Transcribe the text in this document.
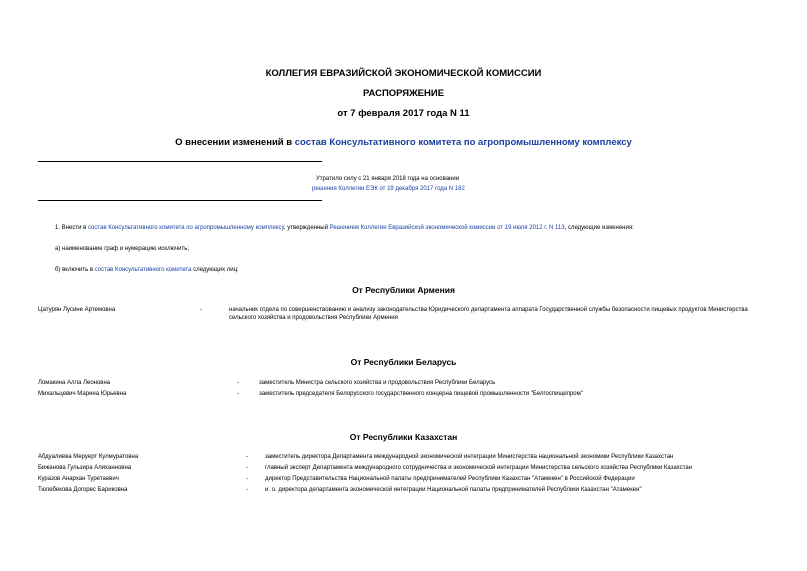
КОЛЛЕГИЯ ЕВРАЗИЙСКОЙ ЭКОНОМИЧЕСКОЙ КОМИССИИ
РАСПОРЯЖЕНИЕ
от 7 февраля 2017 года N 11
О внесении изменений в состав Консультативного комитета по агропромышленному комплексу
Утратило силу с 21 января 2018 года на основании
решения Коллегии ЕЭК от 19 декабря 2017 года N 182
1. Внести в состав Консультативного комитета по агропромышленному комплексу, утвержденный Решением Коллегии Евразийской экономической комиссии от 19 июля 2012 г. N 113, следующие изменения:
а) наименование граф и нумерацию исключить;
б) включить в состав Консультативного комитета следующих лиц:
От Республики Армения
Цатурян Лусине Артемовна	-	начальник отдела по совершенствованию и анализу законодательства Юридического департамента аппарата Государственной службы безопасности пищевых продуктов Министерства сельского хозяйства и продовольствия Республики Армения
От Республики Беларусь
Ломакина Алла Леоновна	-	заместитель Министра сельского хозяйства и продовольствия Республики Беларусь
Михальцевич Марина Юрьевна	-	заместитель председателя Белорусского государственного концерна пищевой промышленности "Белгоспищепром"
От Республики Казахстан
Абдуалиева Меруерт Кулмуратовна	-	заместитель директора Департамента международной экономической интеграции Министерства национальной экономики Республики Казахстан
Бижанова Гульзира Алиханновна	-	главный эксперт Департамента международного сотрудничества и экономической интеграции Министерства сельского хозяйства Республики Казахстан
Куразов Анархан Туретаевич	-	директор Представительства Национальной палаты предпринимателей Республики Казахстан "Атамекен" в Российской Федерации
Тюлебекова Догорес Бариковна	-	и. о. директора департамента экономической интеграции Национальной палаты предпринимателей Республики Казахстан "Атамекен"
